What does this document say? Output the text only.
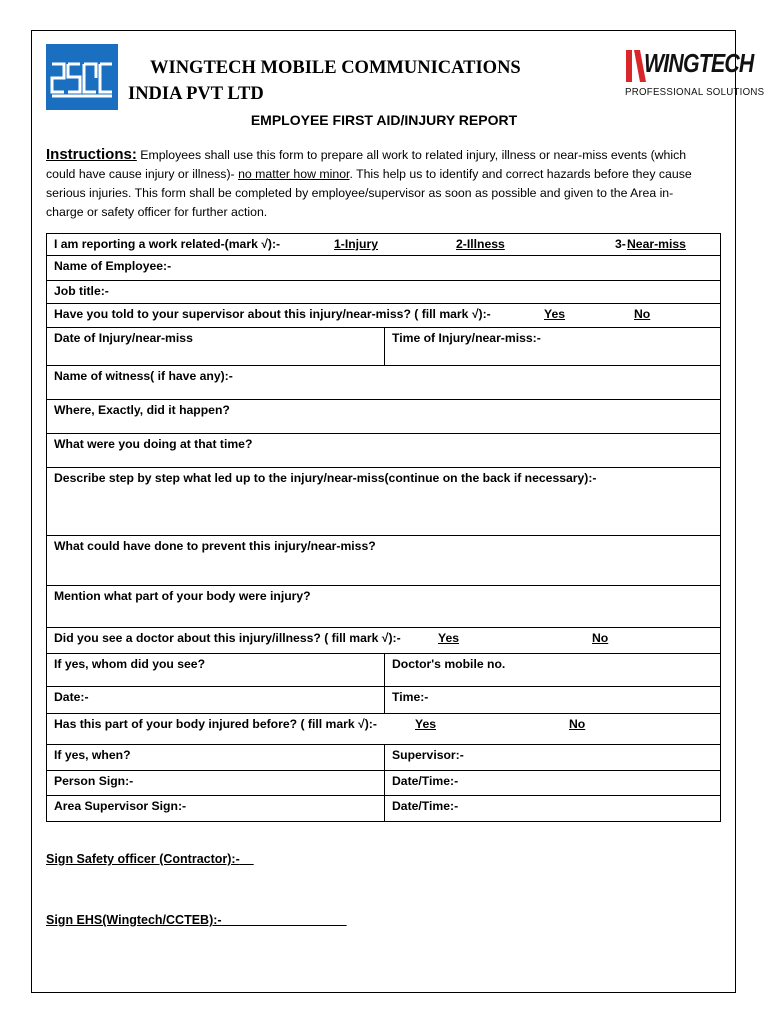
WINGTECH MOBILE COMMUNICATIONS
INDIA PVT LTD
WINGTECH
PROFESSIONAL SOLUTIONS
EMPLOYEE FIRST AID/INJURY REPORT
Instructions: Employees shall use this form to prepare all work to related injury, illness or near-miss events (which could have cause injury or illness)- no matter how minor. This help us to identify and correct hazards before they cause serious injuries. This form shall be completed by employee/supervisor as soon as possible and given to the Area in-charge or safety officer for further action.
I am reporting a work related-(mark √):-	1-Injury	2-Illness	3- Near-miss
Name of Employee:-
Job title:-
Have you told to your supervisor about this injury/near-miss? ( fill mark √):-	Yes	No
Date of Injury/near-miss	Time of Injury/near-miss:-
Name of witness( if have any):-
Where, Exactly, did it happen?
What were you doing at that time?
Describe step by step what led up to the injury/near-miss(continue on the back if necessary):-
What could have done to prevent this injury/near-miss?
Mention what part of your body were injury?
Did you see a doctor about this injury/illness? ( fill mark √):-	Yes	No
If yes, whom did you see?	Doctor's mobile no.
Date:-	Time:-
Has this part of your body injured before? ( fill mark √):-	Yes	No
If yes, when?	Supervisor:-
Person Sign:-	Date/Time:-
Area Supervisor Sign:-	Date/Time:-
Sign Safety officer (Contractor):-
Sign EHS(Wingtech/CCTEB):-
